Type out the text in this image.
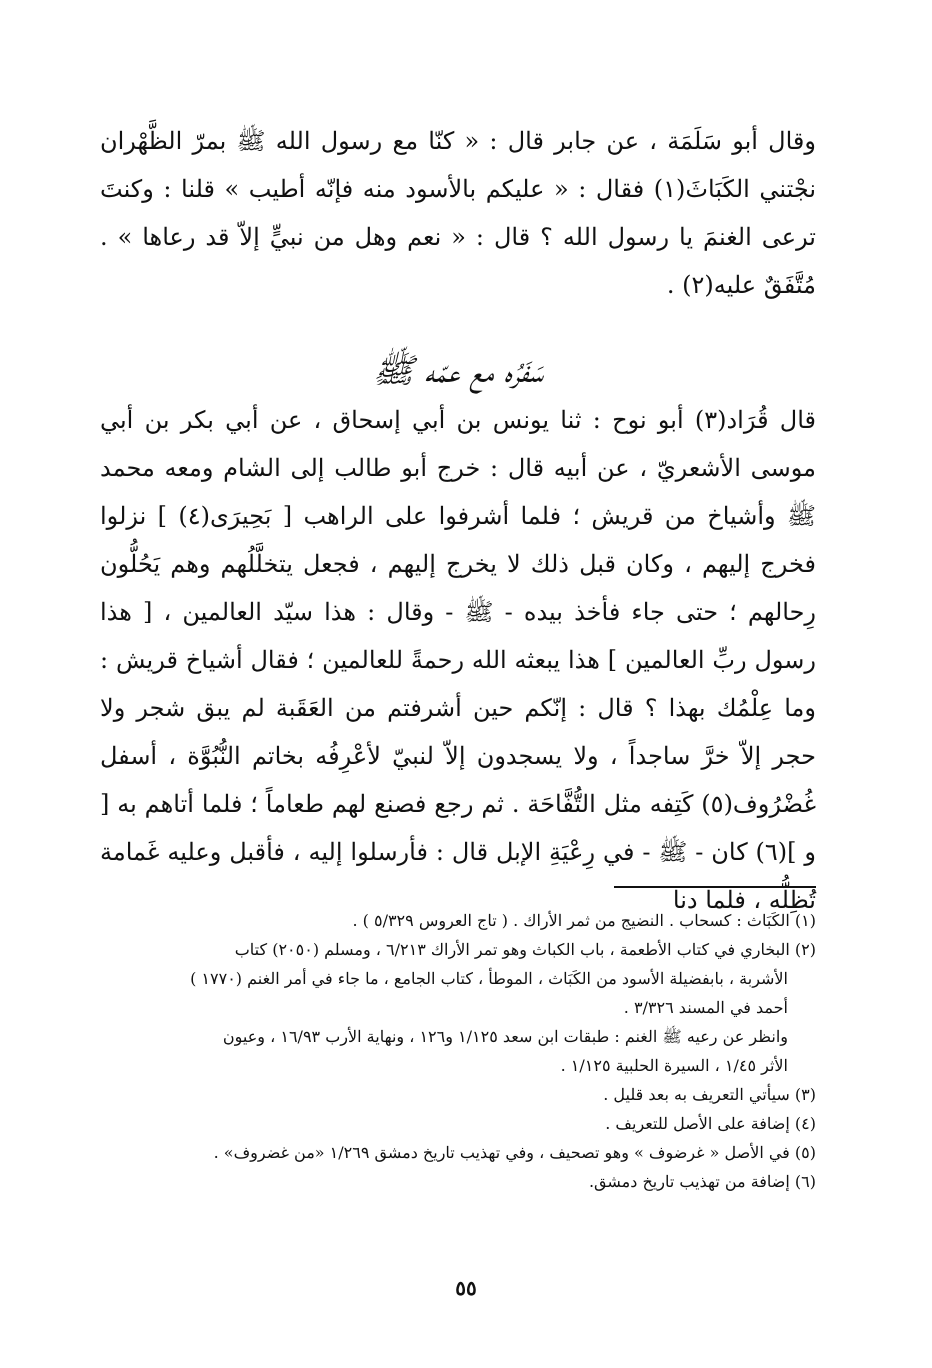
وقال أبو سَلَمَة ، عن جابر قال : « كنّا مع رسول الله ﷺ بمرّ الظَّهْران نجْتني الكَبَاثَ(١) فقال : « عليكم بالأسود منه فإنّه أطيب » قلنا : وكنتَ ترعى الغنمَ يا رسول الله ؟ قال : « نعم وهل من نبيٍّ إلاّ قد رعاها » . مُتَّفَقٌ عليه(٢) .
سَفَرُه مع عمّه ﷺ
قال قُرَاد(٣) أبو نوح : ثنا يونس بن أبي إسحاق ، عن أبي بكر بن أبي موسى الأشعريّ ، عن أبيه قال : خرج أبو طالب إلى الشام ومعه محمد ﷺ وأشياخ من قريش ؛ فلما أشرفوا على الراهب [ بَحِيرَى(٤) ] نزلوا فخرج إليهم ، وكان قبل ذلك لا يخرج إليهم ، فجعل يتخلَّلُهم وهم يَحُلُّون رِحالهم ؛ حتى جاء فأخذ بيده - ﷺ - وقال : هذا سيّد العالمين ، [ هذا رسول ربِّ العالمين ] هذا يبعثه الله رحمةً للعالمين ؛ فقال أشياخ قريش : وما عِلْمُك بهذا ؟ قال : إنّكم حين أشرفتم من العَقَبة لم يبق شجر ولا حجر إلاّ خرَّ ساجداً ، ولا يسجدون إلاّ لنبيّ لأعْرِفُه بخاتم النُّبُوَّة ، أسفل غُضْرُوف(٥) كَتِفه مثل التُّفَّاحَة . ثم رجع فصنع لهم طعاماً ؛ فلما أتاهم به [ و ](٦) كان - ﷺ - في رِعْيَةِ الإبل قال : فأرسلوا إليه ، فأقبل وعليه غَمامة تُظِلُّه ، فلما دنا

(١) الكَبَاث : كسحاب . النضيج من ثمر الأراك . ( تاج العروس ٥/٣٢٩ ) .

(٢) البخاري في كتاب الأطعمة ، باب الكباث وهو تمر الأراك ٦/٢١٣ ، ومسلم (٢٠٥٠) كتاب

الأشربة ، بابفضيلة الأسود من الكَبَاث ، الموطأ ، كتاب الجامع ، ما جاء في أمر الغنم (١٧٧٠ )

أحمد في المسند ٣/٣٢٦ .

وانظر عن رعيه ﷺ الغنم : طبقات ابن سعد ١/١٢٥ و١٢٦ ، ونهاية الأرب ١٦/٩٣ ، وعيون

الأثر ١/٤٥ ، السيرة الحلبية ١/١٢٥ .

(٣) سيأتي التعريف به بعد قليل .

(٤) إضافة على الأصل للتعريف .

(٥) في الأصل « غرضوف » وهو تصحيف ، وفي تهذيب تاريخ دمشق ١/٢٦٩ «من غضروف» .

(٦) إضافة من تهذيب تاريخ دمشق.

٥٥
